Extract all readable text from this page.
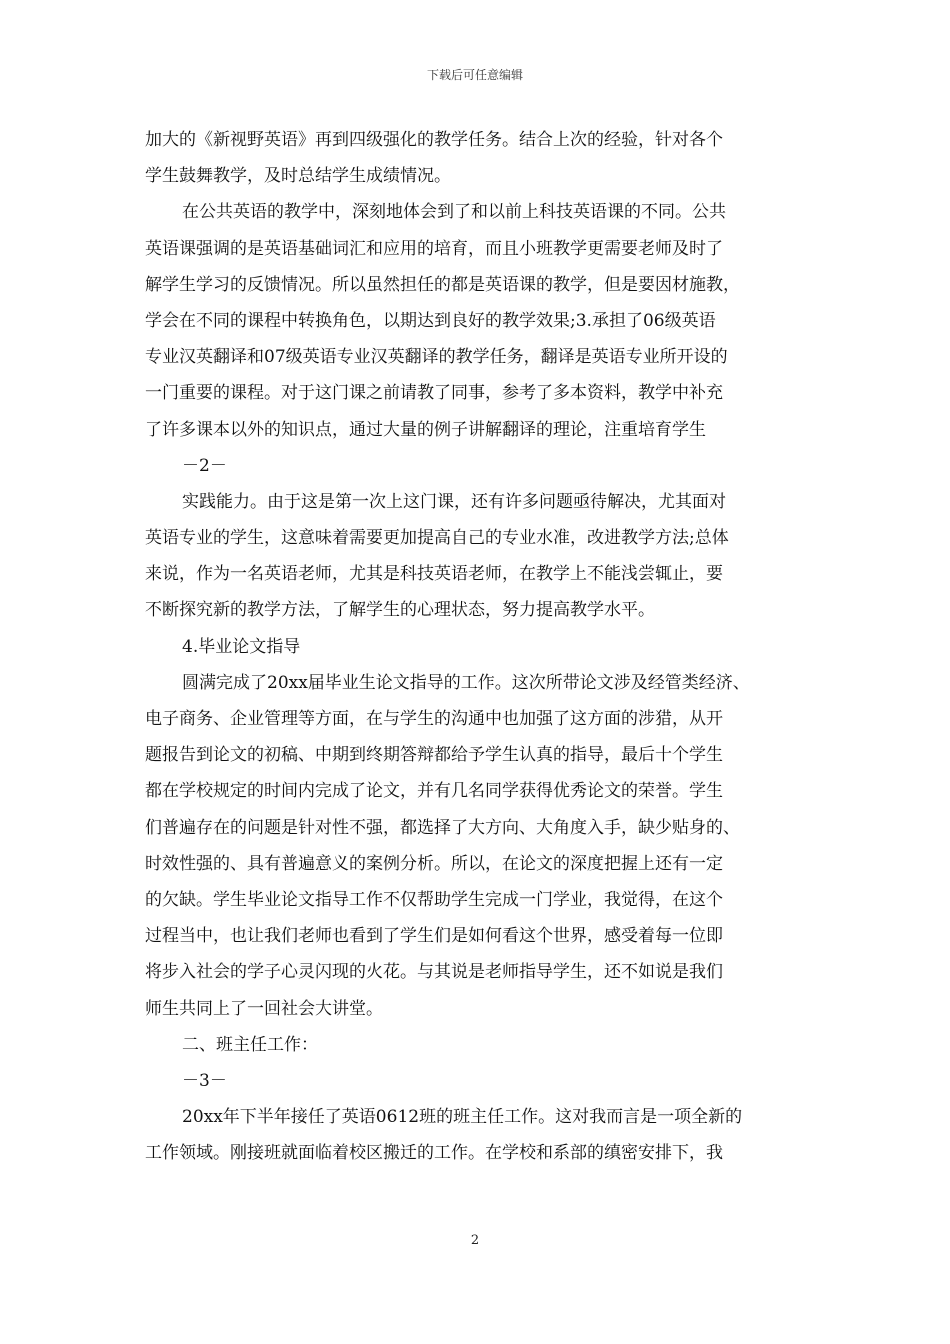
下载后可任意编辑
加大的《新视野英语》再到四级强化的教学任务。结合上次的经验，针对各个
学生鼓舞教学，及时总结学生成绩情况。
在公共英语的教学中，深刻地体会到了和以前上科技英语课的不同。公共
英语课强调的是英语基础词汇和应用的培育，而且小班教学更需要老师及时了
解学生学习的反馈情况。所以虽然担任的都是英语课的教学，但是要因材施教，
学会在不同的课程中转换角色，以期达到良好的教学效果;3.承担了06级英语
专业汉英翻译和07级英语专业汉英翻译的教学任务，翻译是英语专业所开设的
一门重要的课程。对于这门课之前请教了同事，参考了多本资料，教学中补充
了许多课本以外的知识点，通过大量的例子讲解翻译的理论，注重培育学生
－2－
实践能力。由于这是第一次上这门课，还有许多问题亟待解决，尤其面对
英语专业的学生，这意味着需要更加提高自己的专业水准，改进教学方法;总体
来说，作为一名英语老师，尤其是科技英语老师，在教学上不能浅尝辄止，要
不断探究新的教学方法，了解学生的心理状态，努力提高教学水平。
4.毕业论文指导
圆满完成了20xx届毕业生论文指导的工作。这次所带论文涉及经管类经济、
电子商务、企业管理等方面，在与学生的沟通中也加强了这方面的涉猎，从开
题报告到论文的初稿、中期到终期答辩都给予学生认真的指导，最后十个学生
都在学校规定的时间内完成了论文，并有几名同学获得优秀论文的荣誉。学生
们普遍存在的问题是针对性不强，都选择了大方向、大角度入手，缺少贴身的、
时效性强的、具有普遍意义的案例分析。所以，在论文的深度把握上还有一定
的欠缺。学生毕业论文指导工作不仅帮助学生完成一门学业，我觉得，在这个
过程当中，也让我们老师也看到了学生们是如何看这个世界，感受着每一位即
将步入社会的学子心灵闪现的火花。与其说是老师指导学生，还不如说是我们
师生共同上了一回社会大讲堂。
二、班主任工作：
－3－
20xx年下半年接任了英语0612班的班主任工作。这对我而言是一项全新的
工作领域。刚接班就面临着校区搬迁的工作。在学校和系部的缜密安排下，我
2
